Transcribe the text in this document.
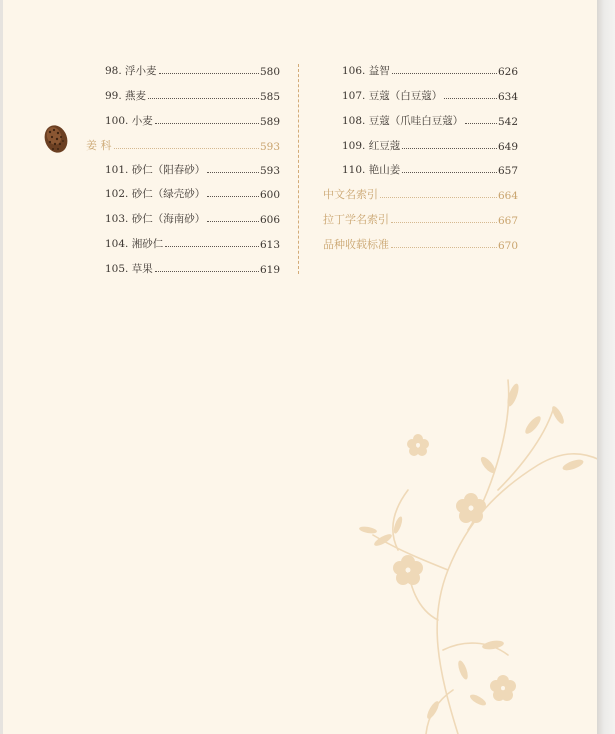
98. 浮小麦	580
99. 燕麦	585
100. 小麦	589
姜 科	593
101. 砂仁（阳春砂）	593
102. 砂仁（绿壳砂）	600
103. 砂仁（海南砂）	606
104. 湘砂仁	613
105. 草果	619
106. 益智	626
107. 豆蔻（白豆蔻）	634
108. 豆蔻（爪哇白豆蔻）	542
109. 红豆蔻	649
110. 艳山姜	657
中文名索引	664
拉丁学名索引	667
品种收载标准	670
